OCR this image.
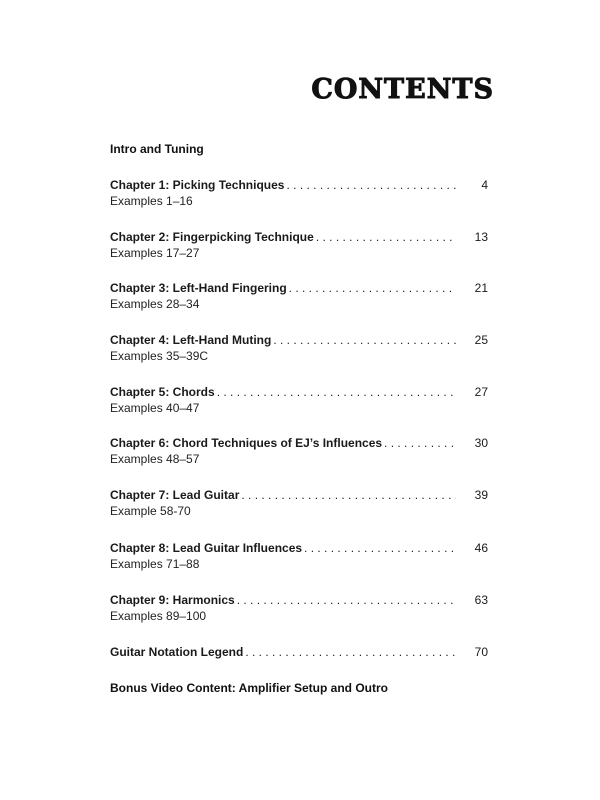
CONTENTS
Intro and Tuning
Chapter 1: Picking Techniques . . .	4
Examples 1–16
Chapter 2: Fingerpicking Technique . . .	13
Examples 17–27
Chapter 3: Left-Hand Fingering . . .	21
Examples 28–34
Chapter 4: Left-Hand Muting . . .	25
Examples 35–39C
Chapter 5: Chords . . .	27
Examples 40–47
Chapter 6: Chord Techniques of EJ’s Influences . . .	30
Examples 48–57
Chapter 7: Lead Guitar . . .	39
Example 58-70
Chapter 8: Lead Guitar Influences . . .	46
Examples 71–88
Chapter 9: Harmonics . . .	63
Examples 89–100
Guitar Notation Legend . . .	70
Bonus Video Content: Amplifier Setup and Outro
